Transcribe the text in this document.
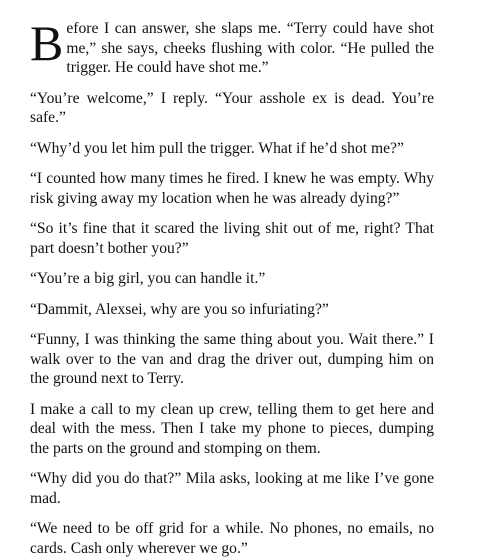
Before I can answer, she slaps me. “Terry could have shot me,” she says, cheeks flushing with color. “He pulled the trigger. He could have shot me.”

“You’re welcome,” I reply. “Your asshole ex is dead. You’re safe.”

“Why’d you let him pull the trigger. What if he’d shot me?”

“I counted how many times he fired. I knew he was empty. Why risk giving away my location when he was already dying?”

“So it’s fine that it scared the living shit out of me, right? That part doesn’t bother you?”

“You’re a big girl, you can handle it.”

“Dammit, Alexsei, why are you so infuriating?”

“Funny, I was thinking the same thing about you. Wait there.” I walk over to the van and drag the driver out, dumping him on the ground next to Terry.

I make a call to my clean up crew, telling them to get here and deal with the mess. Then I take my phone to pieces, dumping the parts on the ground and stomping on them.

“Why did you do that?” Mila asks, looking at me like I’ve gone mad.

“We need to be off grid for a while. No phones, no emails, no cards. Cash only wherever we go.”
